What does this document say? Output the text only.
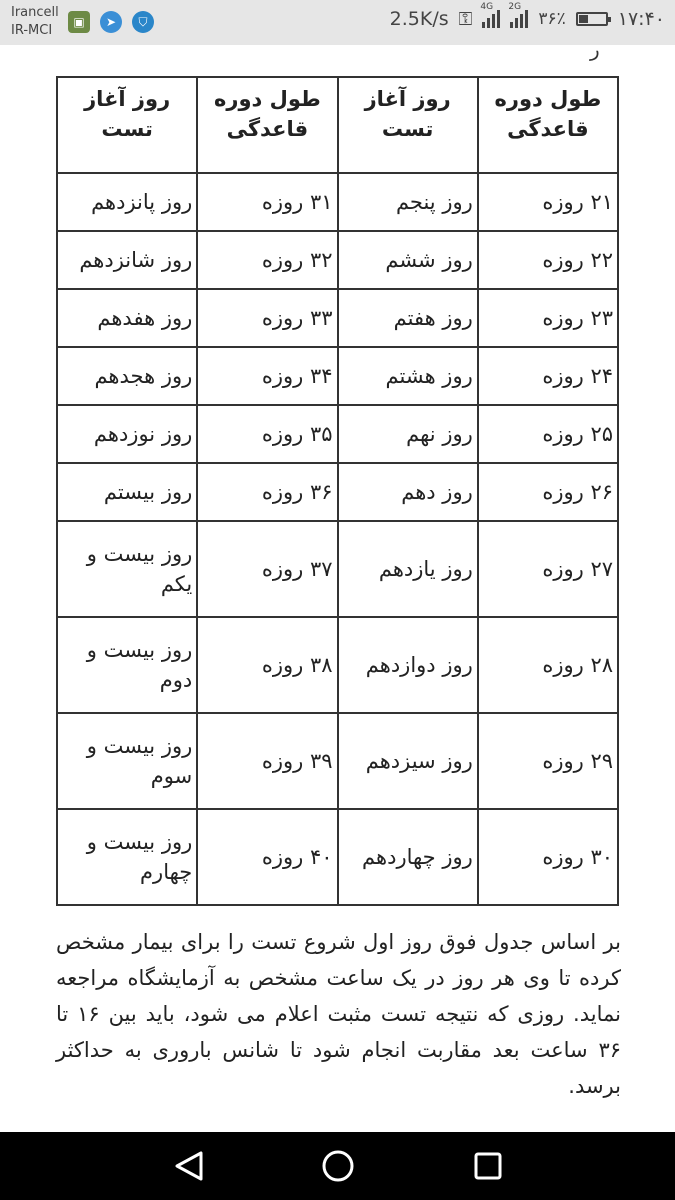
Irancell
IR-MCI
▣	➤	⛉	2.5K/s ⚿
4G 2G
۳۶٪	۱۷:۴۰
ر
طول دوره قاعدگی	روز آغاز تست	طول دوره قاعدگی	روز آغاز تست
۲۱ روزه	روز پنجم	۳۱ روزه	روز پانزدهم
۲۲ روزه	روز ششم	۳۲ روزه	روز شانزدهم
۲۳ روزه	روز هفتم	۳۳ روزه	روز هفدهم
۲۴ روزه	روز هشتم	۳۴ روزه	روز هجدهم
۲۵ روزه	روز نهم	۳۵ روزه	روز نوزدهم
۲۶ روزه	روز دهم	۳۶ روزه	روز بیستم
۲۷ روزه	روز یازدهم	۳۷ روزه	روز بیست و یکم
۲۸ روزه	روز دوازدهم	۳۸ روزه	روز بیست و دوم
۲۹ روزه	روز سیزدهم	۳۹ روزه	روز بیست و سوم
۳۰ روزه	روز چهاردهم	۴۰ روزه	روز بیست و چهارم

بر اساس جدول فوق روز اول شروع تست را برای بیمار مشخص کرده تا وی هر روز در یک ساعت مشخص به آزمایشگاه مراجعه نماید. روزی که نتیجه تست مثبت اعلام می شود، باید بین ۱۶ تا ۳۶ ساعت بعد مقاربت انجام شود تا شانس باروری به حداکثر برسد.
